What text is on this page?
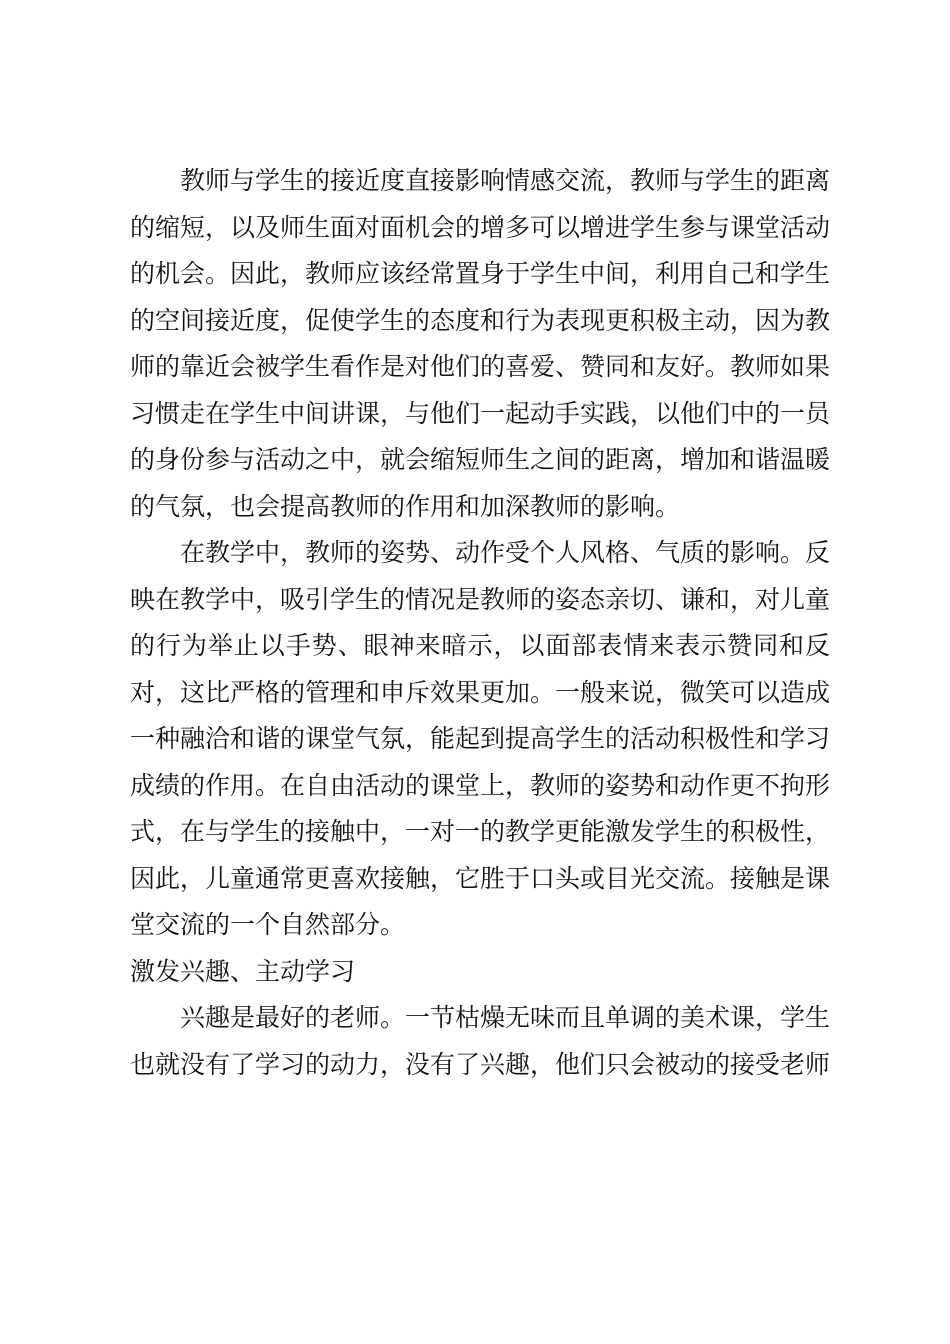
教师与学生的接近度直接影响情感交流，教师与学生的距离的缩短，以及师生面对面机会的增多可以增进学生参与课堂活动的机会。因此，教师应该经常置身于学生中间，利用自己和学生的空间接近度，促使学生的态度和行为表现更积极主动，因为教师的靠近会被学生看作是对他们的喜爱、赞同和友好。教师如果习惯走在学生中间讲课，与他们一起动手实践，以他们中的一员的身份参与活动之中，就会缩短师生之间的距离，增加和谐温暖的气氛，也会提高教师的作用和加深教师的影响。

在教学中，教师的姿势、动作受个人风格、气质的影响。反映在教学中，吸引学生的情况是教师的姿态亲切、谦和，对儿童的行为举止以手势、眼神来暗示，以面部表情来表示赞同和反对，这比严格的管理和申斥效果更加。一般来说，微笑可以造成一种融洽和谐的课堂气氛，能起到提高学生的活动积极性和学习成绩的作用。在自由活动的课堂上，教师的姿势和动作更不拘形式，在与学生的接触中，一对一的教学更能激发学生的积极性，因此，儿童通常更喜欢接触，它胜于口头或目光交流。接触是课堂交流的一个自然部分。

激发兴趣、主动学习

兴趣是最好的老师。一节枯燥无味而且单调的美术课，学生也就没有了学习的动力，没有了兴趣，他们只会被动的接受老师
